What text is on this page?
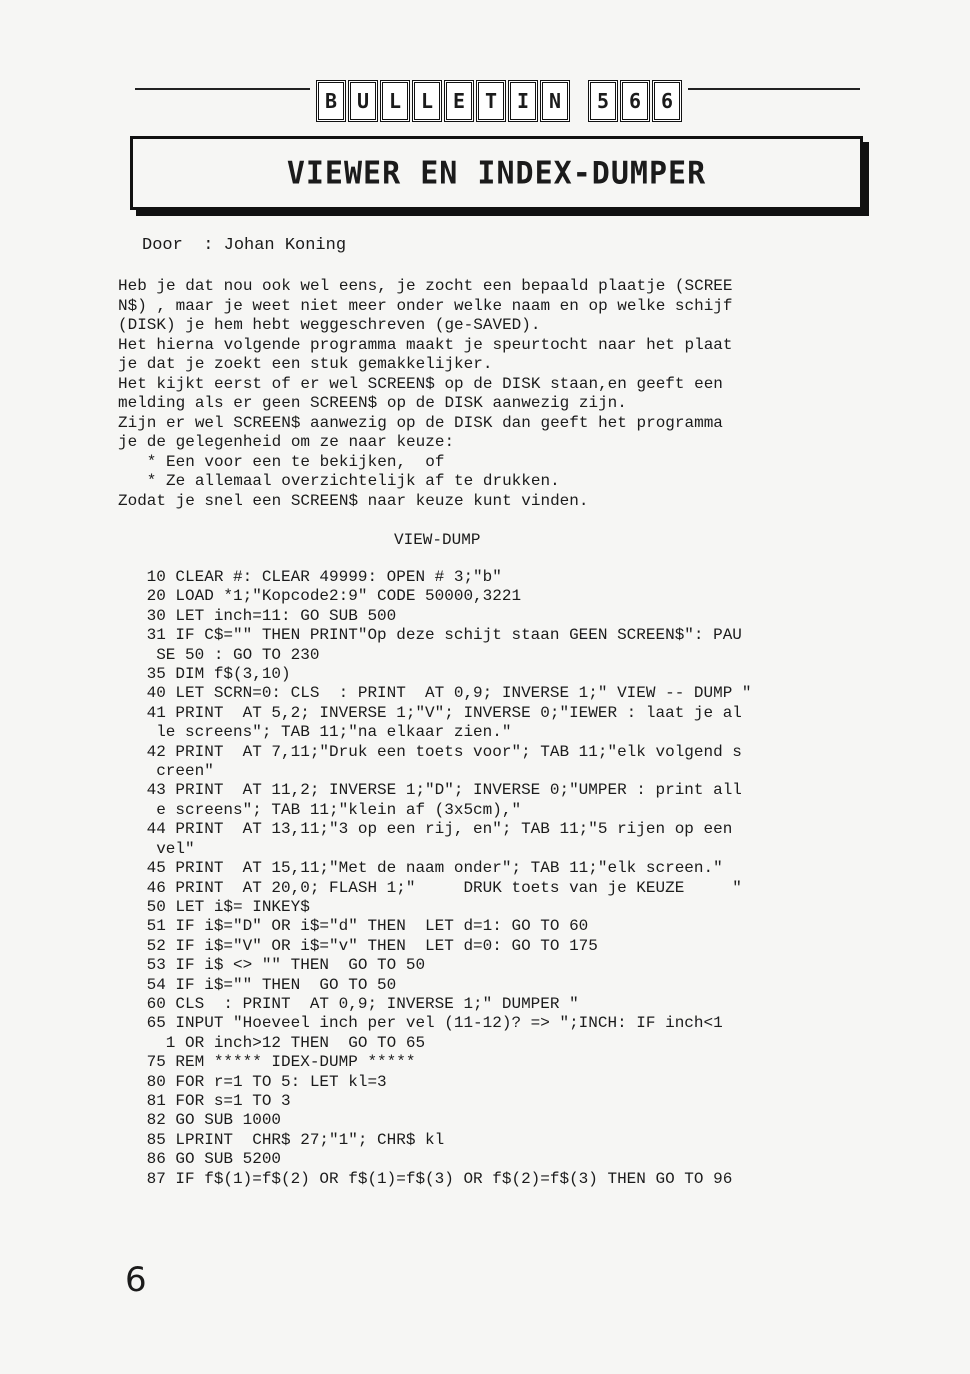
B U L L E T I N	5 6 6
VIEWER EN INDEX-DUMPER
Door  : Johan Koning
Heb je dat nou ook wel eens, je zocht een bepaald plaatje (SCREE
N$) , maar je weet niet meer onder welke naam en op welke schijf
(DISK) je hem hebt weggeschreven (ge-SAVED).
Het hierna volgende programma maakt je speurtocht naar het plaat
je dat je zoekt een stuk gemakkelijker.
Het kijkt eerst of er wel SCREEN$ op de DISK staan,en geeft een
melding als er geen SCREEN$ op de DISK aanwezig zijn.
Zijn er wel SCREEN$ aanwezig op de DISK dan geeft het programma
je de gelegenheid om ze naar keuze:
* Een voor een te bekijken,  of
* Ze allemaal overzichtelijk af te drukken.
Zodat je snel een SCREEN$ naar keuze kunt vinden.
VIEW-DUMP
10 CLEAR #: CLEAR 49999: OPEN # 3;"b"
20 LOAD *1;"Kopcode2:9" CODE 50000,3221
30 LET inch=11: GO SUB 500
31 IF C$="" THEN PRINT"Op deze schijt staan GEEN SCREEN$": PAU
SE 50 : GO TO 230
35 DIM f$(3,10)
40 LET SCRN=0: CLS  : PRINT  AT 0,9; INVERSE 1;" VIEW -- DUMP "
41 PRINT  AT 5,2; INVERSE 1;"V"; INVERSE 0;"IEWER : laat je al
le screens"; TAB 11;"na elkaar zien."
42 PRINT  AT 7,11;"Druk een toets voor"; TAB 11;"elk volgend s
creen"
43 PRINT  AT 11,2; INVERSE 1;"D"; INVERSE 0;"UMPER : print all
e screens"; TAB 11;"klein af (3x5cm),"
44 PRINT  AT 13,11;"3 op een rij, en"; TAB 11;"5 rijen op een
vel"
45 PRINT  AT 15,11;"Met de naam onder"; TAB 11;"elk screen."
46 PRINT  AT 20,0; FLASH 1;"     DRUK toets van je KEUZE     "
50 LET i$= INKEY$
51 IF i$="D" OR i$="d" THEN  LET d=1: GO TO 60
52 IF i$="V" OR i$="v" THEN  LET d=0: GO TO 175
53 IF i$ <> "" THEN  GO TO 50
54 IF i$="" THEN  GO TO 50
60 CLS  : PRINT  AT 0,9; INVERSE 1;" DUMPER "
65 INPUT "Hoeveel inch per vel (11-12)? => ";INCH: IF inch<1
1 OR inch>12 THEN  GO TO 65
75 REM ***** IDEX-DUMP *****
80 FOR r=1 TO 5: LET kl=3
81 FOR s=1 TO 3
82 GO SUB 1000
85 LPRINT  CHR$ 27;"1"; CHR$ kl
86 GO SUB 5200
87 IF f$(1)=f$(2) OR f$(1)=f$(3) OR f$(2)=f$(3) THEN GO TO 96
6
